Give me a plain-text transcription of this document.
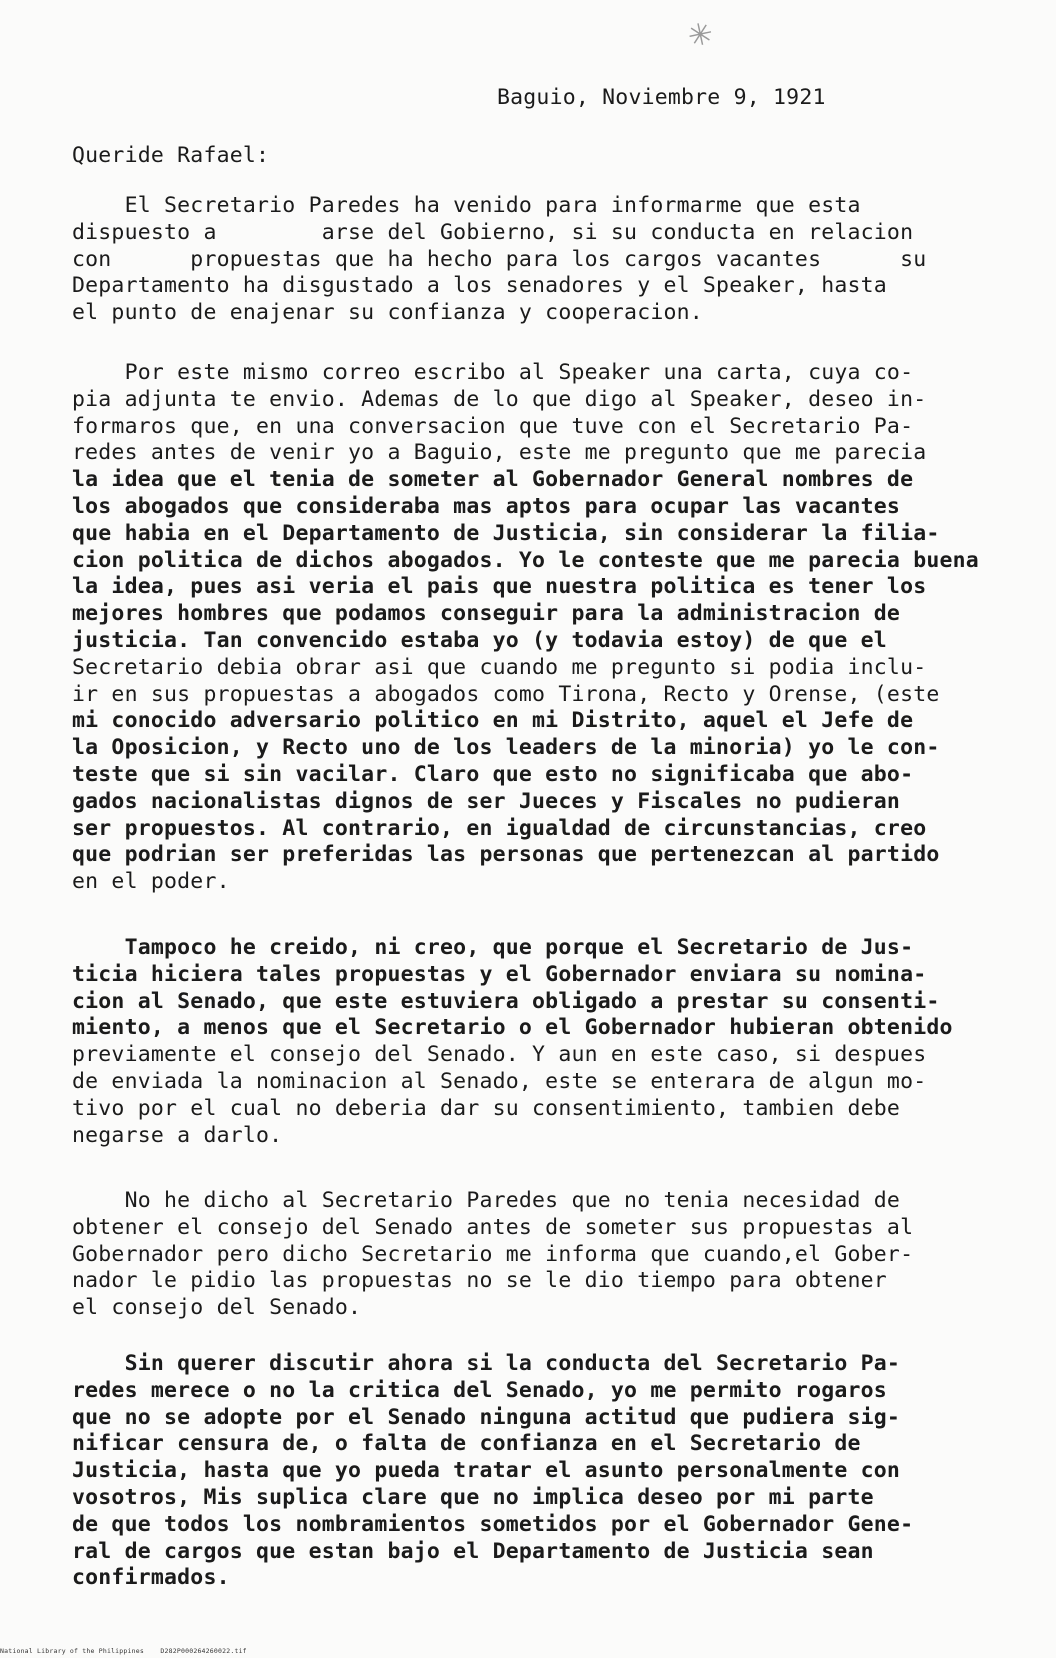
✳
Baguio, Noviembre 9, 1921
Queride Rafael:
El Secretario Paredes ha venido para informarme que esta
dispuesto a        arse del Gobierno, si su conducta en relacion
con      propuestas que ha hecho para los cargos vacantes      su
Departamento ha disgustado a los senadores y el Speaker, hasta
el punto de enajenar su confianza y cooperacion.
Por este mismo correo escribo al Speaker una carta, cuya co-
pia adjunta te envio. Ademas de lo que digo al Speaker, deseo in-
formaros que, en una conversacion que tuve con el Secretario Pa-
redes antes de venir yo a Baguio, este me pregunto que me parecia
la idea que el tenia de someter al Gobernador General nombres de
los abogados que consideraba mas aptos para ocupar las vacantes
que habia en el Departamento de Justicia, sin considerar la filia-
cion politica de dichos abogados. Yo le conteste que me parecia buena
la idea, pues asi veria el pais que nuestra politica es tener los
mejores hombres que podamos conseguir para la administracion de
justicia. Tan convencido estaba yo (y todavia estoy) de que el
Secretario debia obrar asi que cuando me pregunto si podia inclu-
ir en sus propuestas a abogados como Tirona, Recto y Orense, (este
mi conocido adversario politico en mi Distrito, aquel el Jefe de
la Oposicion, y Recto uno de los leaders de la minoria) yo le con-
teste que si sin vacilar. Claro que esto no significaba que abo-
gados nacionalistas dignos de ser Jueces y Fiscales no pudieran
ser propuestos. Al contrario, en igualdad de circunstancias, creo
que podrian ser preferidas las personas que pertenezcan al partido
en el poder.
Tampoco he creido, ni creo, que porque el Secretario de Jus-
ticia hiciera tales propuestas y el Gobernador enviara su nomina-
cion al Senado, que este estuviera obligado a prestar su consenti-
miento, a menos que el Secretario o el Gobernador hubieran obtenido
previamente el consejo del Senado. Y aun en este caso, si despues
de enviada la nominacion al Senado, este se enterara de algun mo-
tivo por el cual no deberia dar su consentimiento, tambien debe
negarse a darlo.
No he dicho al Secretario Paredes que no tenia necesidad de
obtener el consejo del Senado antes de someter sus propuestas al
Gobernador pero dicho Secretario me informa que cuando,el Gober-
nador le pidio las propuestas no se le dio tiempo para obtener
el consejo del Senado.
Sin querer discutir ahora si la conducta del Secretario Pa-
redes merece o no la critica del Senado, yo me permito rogaros
que no se adopte por el Senado ninguna actitud que pudiera sig-
nificar censura de, o falta de confianza en el Secretario de
Justicia, hasta que yo pueda tratar el asunto personalmente con
vosotros, Mis suplica clare que no implica deseo por mi parte
de que todos los nombramientos sometidos por el Gobernador Gene-
ral de cargos que estan bajo el Departamento de Justicia sean
confirmados.
National Library of the Philippines    D282P000264260022.tif
